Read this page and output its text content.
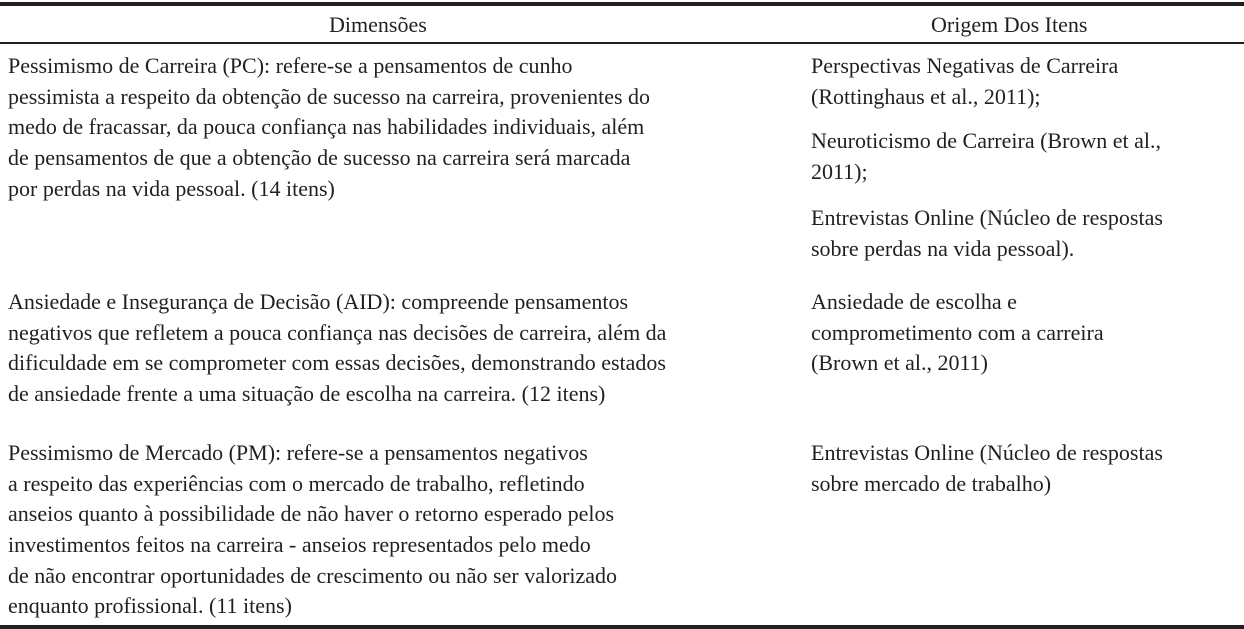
Dimensões	Origem Dos Itens
Pessimismo de Carreira (PC): refere-se a pensamentos de cunho
pessimista a respeito da obtenção de sucesso na carreira, provenientes do
medo de fracassar, da pouca confiança nas habilidades individuais, além
de pensamentos de que a obtenção de sucesso na carreira será marcada
por perdas na vida pessoal. (14 itens)
Perspectivas Negativas de Carreira
(Rottinghaus et al., 2011);
Neuroticismo de Carreira (Brown et al.,
2011);
Entrevistas Online (Núcleo de respostas
sobre perdas na vida pessoal).
Ansiedade e Insegurança de Decisão (AID): compreende pensamentos
negativos que refletem a pouca confiança nas decisões de carreira, além da
dificuldade em se comprometer com essas decisões, demonstrando estados
de ansiedade frente a uma situação de escolha na carreira. (12 itens)
Ansiedade de escolha e
comprometimento com a carreira
(Brown et al., 2011)
Pessimismo de Mercado (PM): refere-se a pensamentos negativos
a respeito das experiências com o mercado de trabalho, refletindo
anseios quanto à possibilidade de não haver o retorno esperado pelos
investimentos feitos na carreira - anseios representados pelo medo
de não encontrar oportunidades de crescimento ou não ser valorizado
enquanto profissional. (11 itens)
Entrevistas Online (Núcleo de respostas
sobre mercado de trabalho)
